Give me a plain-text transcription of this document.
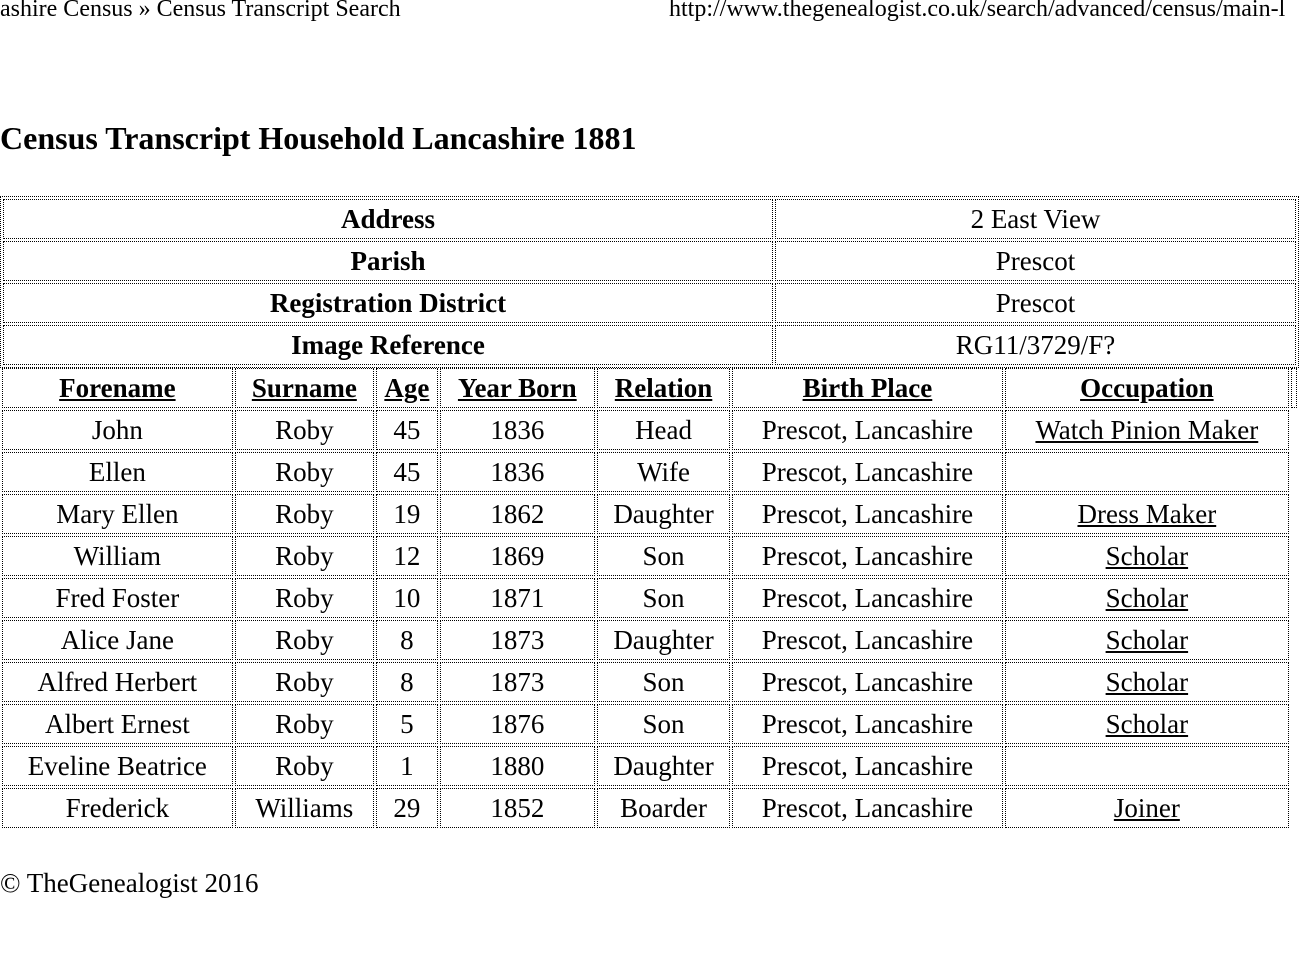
ashire Census » Census Transcript Search	http://www.thegenealogist.co.uk/search/advanced/census/main-l
Census Transcript Household Lancashire 1881
Address	2 East View
Parish	Prescot
Registration District	Prescot
Image Reference	RG11/3729/F?
Forename	Surname	Age	Year Born	Relation	Birth Place	Occupation	
John	Roby	45	1836	Head	Prescot, Lancashire	Watch Pinion Maker	
Ellen	Roby	45	1836	Wife	Prescot, Lancashire		
Mary Ellen	Roby	19	1862	Daughter	Prescot, Lancashire	Dress Maker	
William	Roby	12	1869	Son	Prescot, Lancashire	Scholar	
Fred Foster	Roby	10	1871	Son	Prescot, Lancashire	Scholar	
Alice Jane	Roby	8	1873	Daughter	Prescot, Lancashire	Scholar	
Alfred Herbert	Roby	8	1873	Son	Prescot, Lancashire	Scholar	
Albert Ernest	Roby	5	1876	Son	Prescot, Lancashire	Scholar	
Eveline Beatrice	Roby	1	1880	Daughter	Prescot, Lancashire		
Frederick	Williams	29	1852	Boarder	Prescot, Lancashire	Joiner	
© TheGenealogist 2016
